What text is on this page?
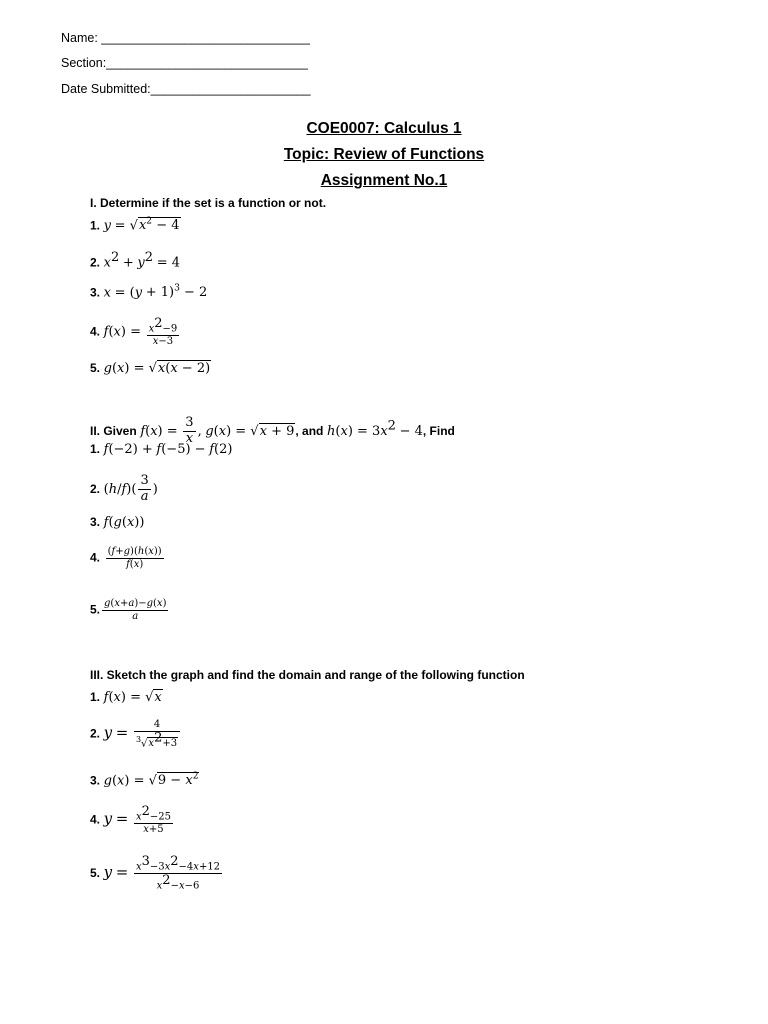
Name: ______________________________
Section:_____________________________
Date Submitted:_______________________
COE0007: Calculus 1
Topic: Review of Functions
Assignment No.1
I. Determine if the set is a function or not.
1. $y = √x^2 - 4$
2. $x^2 + y^2 = 4$
3. $x = (y + 1)^3 - 2$
4. $f(x) = \frac{x^2-9}{x-3}$
5. g(x) = √x(x − 2)
II. Given $f(x) = \frac{3}{x}$ , g(x) = √x + 9, and $h(x) = 3x^2 - 4$, Find
1. f(−2) + f(−5) − f(2)
2. $(h/f)( \frac{3}{a}$ )
3. f(g(x))
4. $\frac{(f+g)(h(x))}{f(x)}$
5. $\frac{g(x+a)-g(x)}{a}$
III. Sketch the graph and find the domain and range of the following function
1. f(x) = √x
2. $y = \frac{4}{^3√x^2+3}$
3. $g(x) = √9 - x^2$
4. $y = \frac{x^2-25}{x+5}$
5. $y = \frac{x^3-3x^2-4x+12}{x^2-x-6}$
